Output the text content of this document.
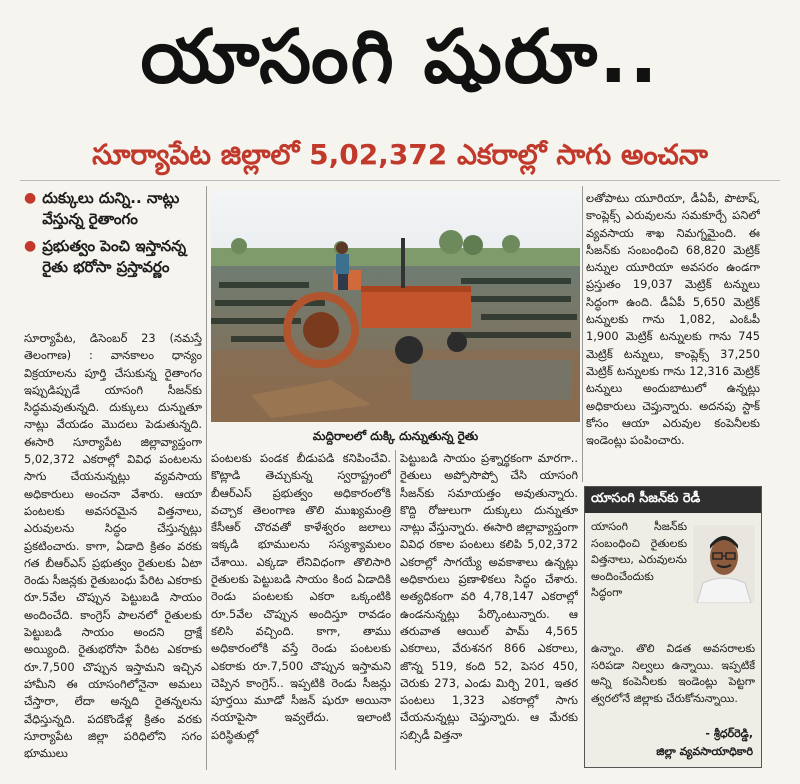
యాసంగి షురూ..
సూర్యాపేట జిల్లాలో 5,02,372 ఎకరాల్లో సాగు అంచనా
● దుక్కులు దున్ని.. నాట్లు వేస్తున్న రైతాంగం
● ప్రభుత్వం పెంచి ఇస్తానన్న రైతు భరోసా ప్రస్తావర్ణం

సూర్యాపేట, డిసెంబర్ 23 (నమస్తే తెలంగాణ) : వానకాలం ధాన్యం విక్రయాలను పూర్తి చేసుకున్న రైతాంగం ఇప్పుడిప్పుడే యాసంగి సీజన్‌కు సిద్ధమవుతున్నది. దుక్కులు దున్నుతూ నాట్లు వేయడం మొదలు పెడుతున్నది. ఈసారి సూర్యాపేట జిల్లావ్యాప్తంగా 5,02,372 ఎకరాల్లో వివిధ పంటలను సాగు చేయనున్నట్లు వ్యవసాయ అధికారులు అంచనా వేశారు. ఆయా పంటలకు అవసరమైన విత్తనాలు, ఎరువులను సిద్ధం చేస్తున్నట్లు ప్రకటించారు. కాగా, ఏడాది క్రితం వరకు గత బీఆర్‌ఎస్ ప్రభుత్వం రైతులకు ఏటా రెండు సీజన్లకు రైతుబంధు పేరిట ఎకరాకు రూ.5వేల చొప్పున పెట్టుబడి సాయం అందించేది. కాంగ్రెస్ పాలనలో రైతులకు పెట్టుబడి సాయం అందని ద్రాక్షే అయ్యింది. రైతుభరోసా పేరిట ఎకరాకు రూ.7,500 చొప్పున ఇస్తామని ఇచ్చిన హామీని ఈ యాసంగిలోనైనా అమలు చేస్తారా, లేదా అన్నది రైతన్నలను వేధిస్తున్నది. పదకొండేళ్ల క్రితం వరకు సూర్యాపేట జిల్లా పరిధిలోని సగం భూములు

మద్దిరాలలో దుక్కి దున్నుతున్న రైతు

పంటలకు పండక బీడుపడి కనిపించేవి. కొట్లాడి తెచ్చుకున్న స్వరాష్ట్రంలో బీఆర్‌ఎస్ ప్రభుత్వం అధికారంలోకి వచ్చాక తెలంగాణ తొలి ముఖ్యమంత్రి కేసీఆర్ చొరవతో కాళేశ్వరం జలాలు ఇక్కడి భూములను సస్యశ్యామలం చేశాయి. ఎక్కడా లేనివిధంగా తొలిసారి రైతులకు పెట్టుబడి సాయం కింద ఏడాదికి రెండు పంటలకు ఎకరా ఒక్కంటికి రూ.5వేల చొప్పున అందిస్తూ రావడం కలిసి వచ్చింది. కాగా, తాము అధికారంలోకి వస్తే రెండు పంటలకు ఎకరాకు రూ.7,500 చొప్పున ఇస్తామని చెప్పిన కాంగ్రెస్.. ఇప్పటికి రెండు సీజన్లు పూర్తయి మూడో సీజన్ షురూ అయినా నయాపైసా ఇవ్వలేదు. ఇలాంటి పరిస్థితుల్లో

పెట్టుబడి సాయం ప్రశ్నార్థకంగా మారగా.. రైతులు అప్పోసొప్పో చేసి యాసంగి సీజన్‌కు సమాయత్తం అవుతున్నారు. కొద్ది రోజులుగా దుక్కులు దున్నుతూ నాట్లు వేస్తున్నారు. ఈసారి జిల్లావ్యాప్తంగా వివిధ రకాల పంటలు కలిపి 5,02,372 ఎకరాల్లో సాగయ్యే అవకాశాలు ఉన్నట్లు అధికారులు ప్రణాళికలు సిద్ధం చేశారు. అత్యధికంగా వరి 4,78,147 ఎకరాల్లో ఉండనున్నట్లు పేర్కొంటున్నారు. ఆ తరువాత ఆయిల్ పామ్ 4,565 ఎకరాలు, వేరుశనగ 866 ఎకరాలు, జొన్న 519, కంది 52, పెసర 450, చెరుకు 273, ఎండు మిర్చి 201, ఇతర పంటలు 1,323 ఎకరాల్లో సాగు చేయనున్నట్లు చెప్తున్నారు. ఆ మేరకు సబ్సిడీ విత్తనా

లతోపాటు యూరియా, డీఏపీ, పొటాష్, కాంప్లెక్స్ ఎరువులను సమకూర్చే పనిలో వ్యవసాయ శాఖ నిమగ్నమైంది. ఈ సీజన్‌కు సంబంధించి 68,820 మెట్రిక్ టన్నుల యూరియా అవసరం ఉండగా ప్రస్తుతం 19,037 మెట్రిక్ టన్నులు సిద్ధంగా ఉంది. డీఏపీ 5,650 మెట్రిక్ టన్నులకు గాను 1,082, ఎంఓపీ 1,900 మెట్రిక్ టన్నులకు గాను 745 మెట్రిక్ టన్నులు, కాంప్లెక్స్ 37,250 మెట్రిక్ టన్నులకు గాను 12,316 మెట్రిక్ టన్నులు అందుబాటులో ఉన్నట్లు అధికారులు చెప్తున్నారు. అదనపు స్టాక్ కోసం ఆయా ఎరువుల కంపెనీలకు ఇండెంట్లు పంపించారు.

యాసంగి సీజన్‌కు రెడీ
యాసంగి సీజన్‌కు సంబంధించి రైతులకు విత్తనాలు, ఎరువులను అందించేందుకు సిద్ధంగా
ఉన్నాం. తొలి విడత అవసరాలకు సరిపడా నిల్వలు ఉన్నాయి. ఇప్పటికే అన్ని కంపెనీలకు ఇండెంట్లు పెట్టగా త్వరలోనే జిల్లాకు చేరుకోనున్నాయి.
- శ్రీధర్‌రెడ్డి,
జిల్లా వ్యవసాయాధికారి
